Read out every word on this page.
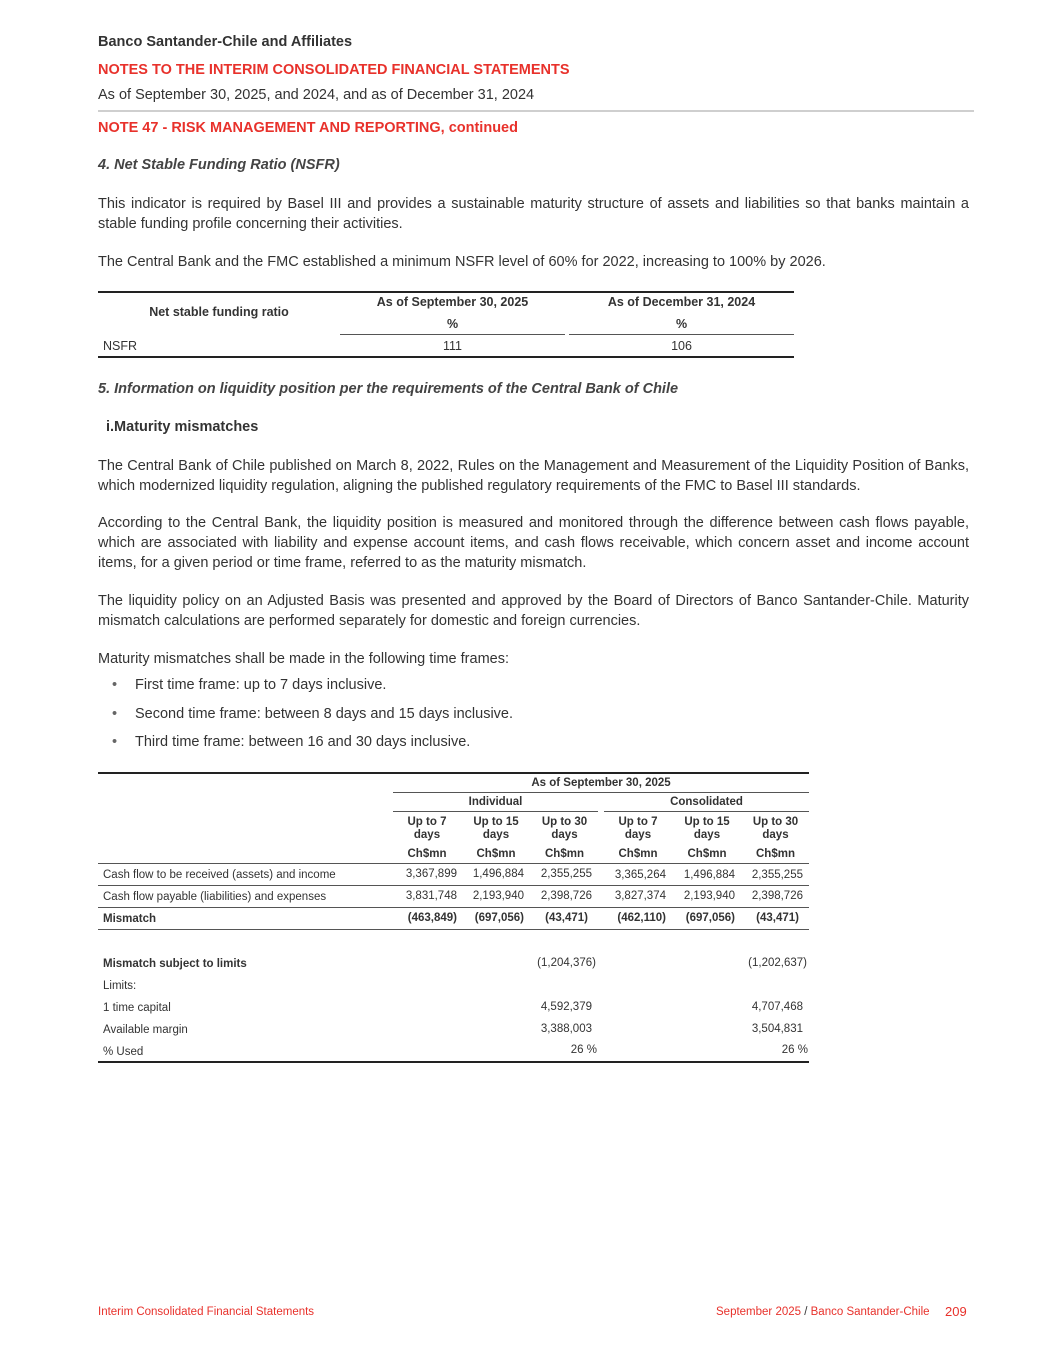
Banco Santander-Chile and Affiliates
NOTES TO THE INTERIM CONSOLIDATED FINANCIAL STATEMENTS
As of September 30, 2025, and 2024, and as of December 31, 2024
NOTE 47 - RISK MANAGEMENT AND REPORTING, continued
4. Net Stable Funding Ratio (NSFR)
This indicator is required by Basel III and provides a sustainable maturity structure of assets and liabilities so that banks maintain a stable funding profile concerning their activities.
The Central Bank and the FMC established a minimum NSFR level of 60% for 2022, increasing to 100% by 2026.
Net stable funding ratio
As of September 30, 2025	As of December 31, 2024
%	%
NSFR	111	106
5. Information on liquidity position per the requirements of the Central Bank of Chile
i.Maturity mismatches
The Central Bank of Chile published on March 8, 2022, Rules on the Management and Measurement of the Liquidity Position of Banks, which modernized liquidity regulation, aligning the published regulatory requirements of the FMC to Basel III standards.
According to the Central Bank, the liquidity position is measured and monitored through the difference between cash flows payable, which are associated with liability and expense account items, and cash flows receivable, which concern asset and income account items, for a given period or time frame, referred to as the maturity mismatch.
The liquidity policy on an Adjusted Basis was presented and approved by the Board of Directors of Banco Santander-Chile. Maturity mismatch calculations are performed separately for domestic and foreign currencies.
Maturity mismatches shall be made in the following time frames:
• First time frame: up to 7 days inclusive.
• Second time frame: between 8 days and 15 days inclusive.
• Third time frame: between 16 and 30 days inclusive.
As of September 30, 2025
Individual	Consolidated
Up to 7
days
Up to 15
days
Up to 30
days
Up to 7
days
Up to 15
days
Up to 30
days
Ch$mn	Ch$mn	Ch$mn	Ch$mn	Ch$mn	Ch$mn
Cash flow to be received (assets) and income	3,367,899	1,496,884	2,355,255	3,365,264	1,496,884	2,355,255
Cash flow payable (liabilities) and expenses	3,831,748	2,193,940	2,398,726	3,827,374	2,193,940	2,398,726
Mismatch	(463,849)	(697,056)	(43,471)	(462,110)	(697,056)	(43,471)
Mismatch subject to limits	(1,204,376)	(1,202,637)
Limits:
1 time capital	4,592,379	4,707,468
Available margin	3,388,003	3,504,831
% Used	26 %	26 %
Interim Consolidated Financial Statements	September 2025 / Banco Santander-Chile 209
